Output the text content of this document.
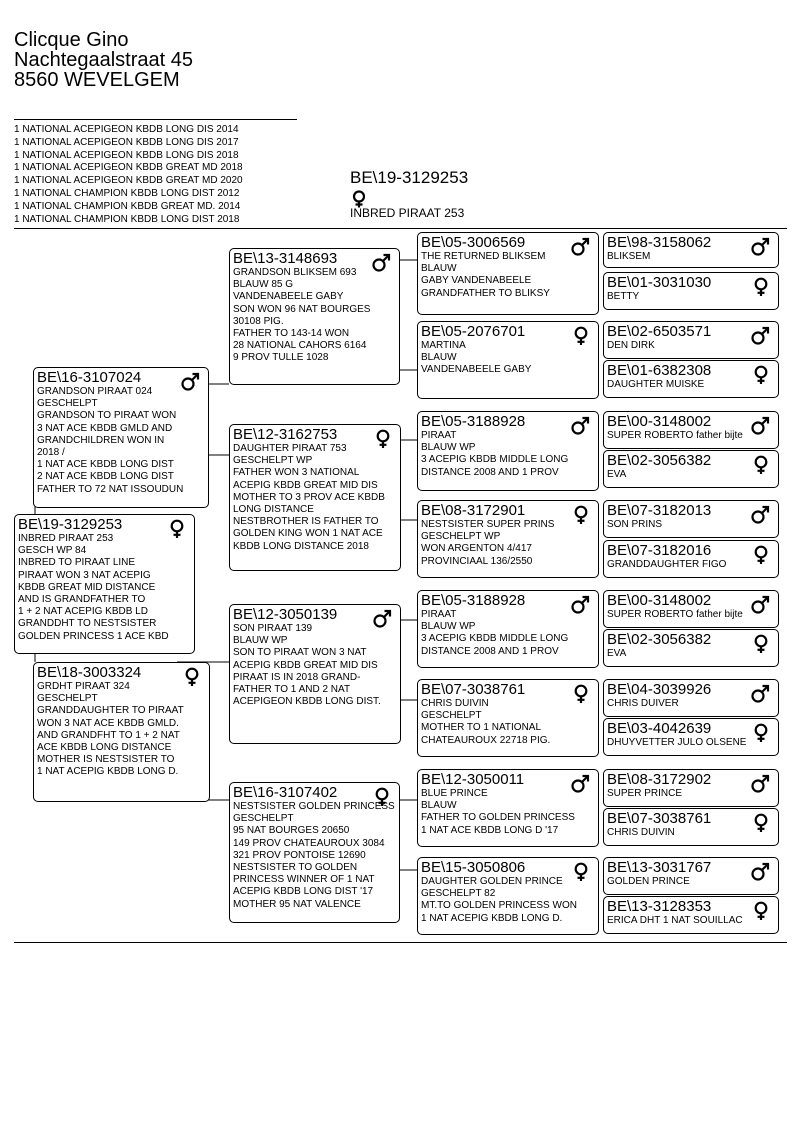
Clicque Gino
Nachtegaalstraat 45
8560 WEVELGEM
1 NATIONAL ACEPIGEON KBDB LONG DIS 2014
1 NATIONAL ACEPIGEON KBDB LONG DIS 2017
1 NATIONAL ACEPIGEON KBDB LONG DIS 2018
1 NATIONAL ACEPIGEON KBDB GREAT MD 2018
1 NATIONAL ACEPIGEON KBDB GREAT MD 2020
1 NATIONAL CHAMPION KBDB LONG DIST 2012
1 NATIONAL CHAMPION KBDB GREAT MD. 2014
1 NATIONAL CHAMPION KBDB LONG DIST 2018
BE\19-3129253
INBRED PIRAAT 253
BE\13-3148693
GRANDSON BLIKSEM 693
BLAUW 85 G
VANDENABEELE GABY
SON WON 96 NAT BOURGES
30108 PIG.
FATHER TO 143-14 WON
28 NATIONAL CAHORS 6164
9 PROV TULLE 1028
BE\12-3162753
DAUGHTER PIRAAT 753
GESCHELPT WP
FATHER WON 3 NATIONAL
ACEPIG KBDB GREAT MID DIS
MOTHER TO 3 PROV ACE KBDB
LONG DISTANCE
NESTBROTHER IS FATHER TO
GOLDEN KING WON 1 NAT ACE
KBDB LONG DISTANCE 2018
BE\12-3050139
SON PIRAAT 139
BLAUW WP
SON TO PIRAAT WON 3 NAT
ACEPIG KBDB GREAT MID DIS
PIRAAT IS IN 2018 GRAND-
FATHER TO 1 AND 2 NAT
ACEPIGEON KBDB LONG DIST.
BE\16-3107402
NESTSISTER GOLDEN PRINCESS
GESCHELPT
95 NAT BOURGES 20650
149 PROV CHATEAUROUX 3084
321 PROV PONTOISE 12690
NESTSISTER TO GOLDEN
PRINCESS WINNER OF 1 NAT
ACEPIG KBDB LONG DIST '17
MOTHER 95 NAT VALENCE
BE\16-3107024
GRANDSON PIRAAT 024
GESCHELPT
GRANDSON TO PIRAAT WON
3 NAT ACE KBDB GMLD AND
GRANDCHILDREN WON IN
2018 /
1 NAT ACE KBDB LONG DIST
2 NAT ACE KBDB LONG DIST
FATHER TO 72 NAT ISSOUDUN
BE\18-3003324
GRDHT PIRAAT 324
GESCHELPT
GRANDDAUGHTER TO PIRAAT
WON 3 NAT ACE KBDB GMLD.
AND GRANDFHT TO 1 + 2 NAT
ACE KBDB LONG DISTANCE
MOTHER IS NESTSISTER TO
1 NAT ACEPIG KBDB LONG D.
BE\19-3129253
INBRED PIRAAT 253
GESCH WP 84
INBRED TO PIRAAT LINE
PIRAAT WON 3 NAT ACEPIG
KBDB GREAT MID DISTANCE
AND IS GRANDFATHER TO
1 + 2 NAT ACEPIG KBDB LD
GRANDDHT TO NESTSISTER
GOLDEN PRINCESS 1 ACE KBD
BE\05-3006569
THE RETURNED BLIKSEM
BLAUW
GABY VANDENABEELE
GRANDFATHER TO BLIKSY
BE\05-2076701
MARTINA
BLAUW
VANDENABEELE GABY
BE\05-3188928
PIRAAT
BLAUW WP
3 ACEPIG KBDB MIDDLE LONG
DISTANCE 2008 AND 1 PROV
BE\08-3172901
NESTSISTER SUPER PRINS
GESCHELPT WP
WON ARGENTON 4/417
PROVINCIAAL 136/2550
BE\05-3188928
PIRAAT
BLAUW WP
3 ACEPIG KBDB MIDDLE LONG
DISTANCE 2008 AND 1 PROV
BE\07-3038761
CHRIS DUIVIN
GESCHELPT
MOTHER TO 1 NATIONAL
CHATEAUROUX 22718 PIG.
BE\12-3050011
BLUE PRINCE
BLAUW
FATHER TO GOLDEN PRINCESS
1 NAT ACE KBDB LONG D '17
BE\15-3050806
DAUGHTER GOLDEN PRINCE
GESCHELPT 82
MT.TO GOLDEN PRINCESS WON
1 NAT ACEPIG KBDB LONG D.
BE\98-3158062
BLIKSEM
BE\01-3031030
BETTY
BE\02-6503571
DEN DIRK
BE\01-6382308
DAUGHTER MUISKE
BE\00-3148002
SUPER ROBERTO father bijte
BE\02-3056382
EVA
BE\07-3182013
SON PRINS
BE\07-3182016
GRANDDAUGHTER FIGO
BE\00-3148002
SUPER ROBERTO father bijte
BE\02-3056382
EVA
BE\04-3039926
CHRIS DUIVER
BE\03-4042639
DHUYVETTER JULO OLSENE
BE\08-3172902
SUPER PRINCE
BE\07-3038761
CHRIS DUIVIN
BE\13-3031767
GOLDEN PRINCE
BE\13-3128353
ERICA DHT 1 NAT SOUILLAC
